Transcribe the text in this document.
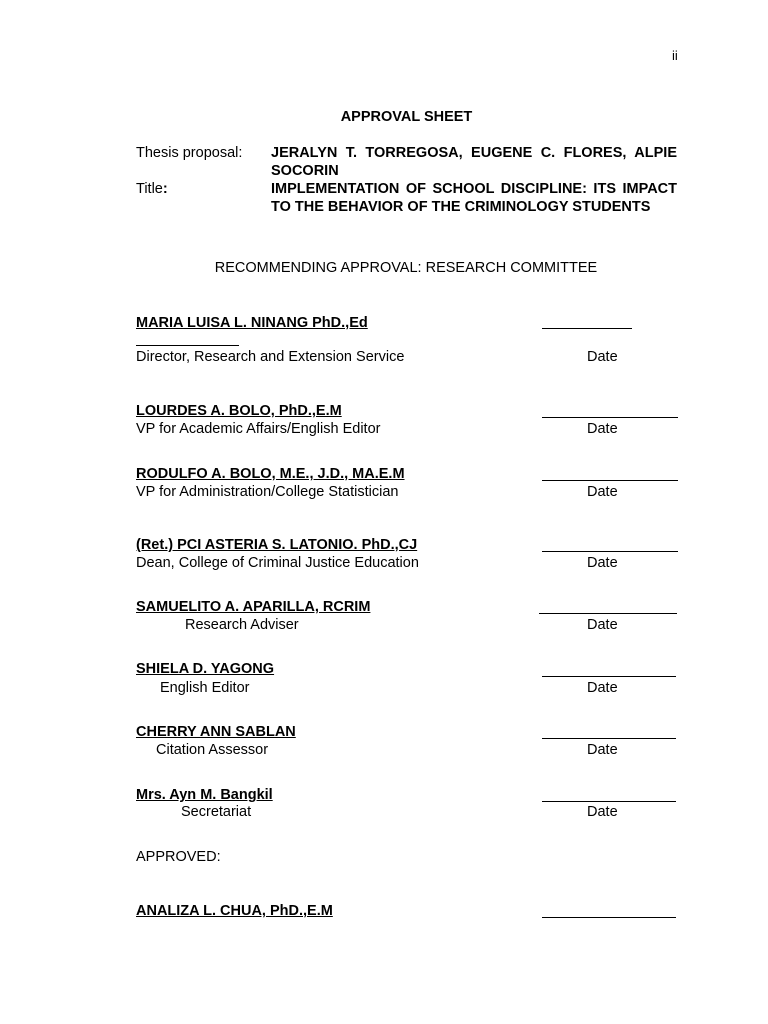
ii
APPROVAL SHEET
Thesis proposal: JERALYN T. TORREGOSA, EUGENE C. FLORES, ALPIE SOCORIN
Title:	IMPLEMENTATION OF SCHOOL DISCIPLINE: ITS IMPACT TO THE BEHAVIOR OF THE CRIMINOLOGY STUDENTS
RECOMMENDING APPROVAL: RESEARCH COMMITTEE
MARIA LUISA L. NINANG PhD.,Ed
Director, Research and Extension Service	Date
LOURDES A. BOLO, PhD.,E.M
VP for Academic Affairs/English Editor	Date
RODULFO A. BOLO, M.E., J.D., MA.E.M
VP for Administration/College Statistician	Date
(Ret.) PCI ASTERIA S. LATONIO. PhD.,CJ
Dean, College of Criminal Justice Education	Date
SAMUELITO A. APARILLA, RCRIM
Research Adviser	Date
SHIELA D. YAGONG
English Editor	Date
CHERRY ANN SABLAN
Citation Assessor	Date
Mrs. Ayn M. Bangkil
Secretariat	Date
APPROVED:
ANALIZA L. CHUA, PhD.,E.M
